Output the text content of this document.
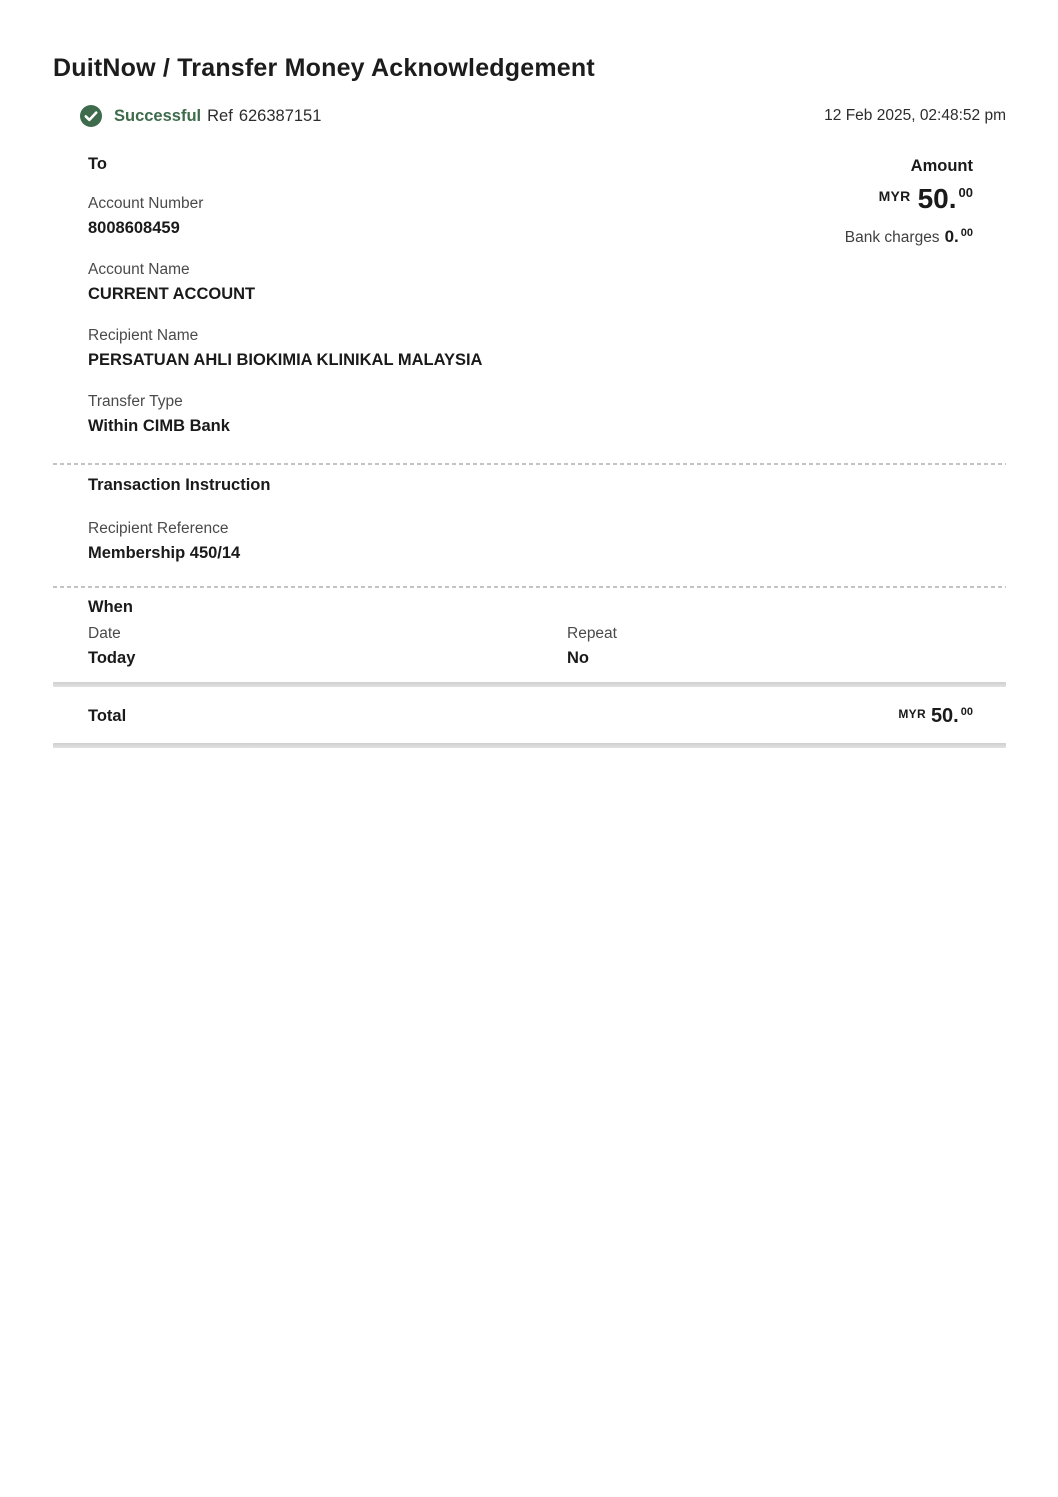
DuitNow / Transfer Money Acknowledgement
Successful Ref 626387151	12 Feb 2025, 02:48:52 pm
To
Account Number
8008608459
Account Name
CURRENT ACCOUNT
Recipient Name
PERSATUAN AHLI BIOKIMIA KLINIKAL MALAYSIA
Transfer Type
Within CIMB Bank
Amount
MYR 50. $^{00}$
Bank charges 0. $^{00}$
Transaction Instruction
Recipient Reference
Membership 450/14
When
Date	Repeat
Today	No
Total	$^{MYR}$ 50. $^{00}$
